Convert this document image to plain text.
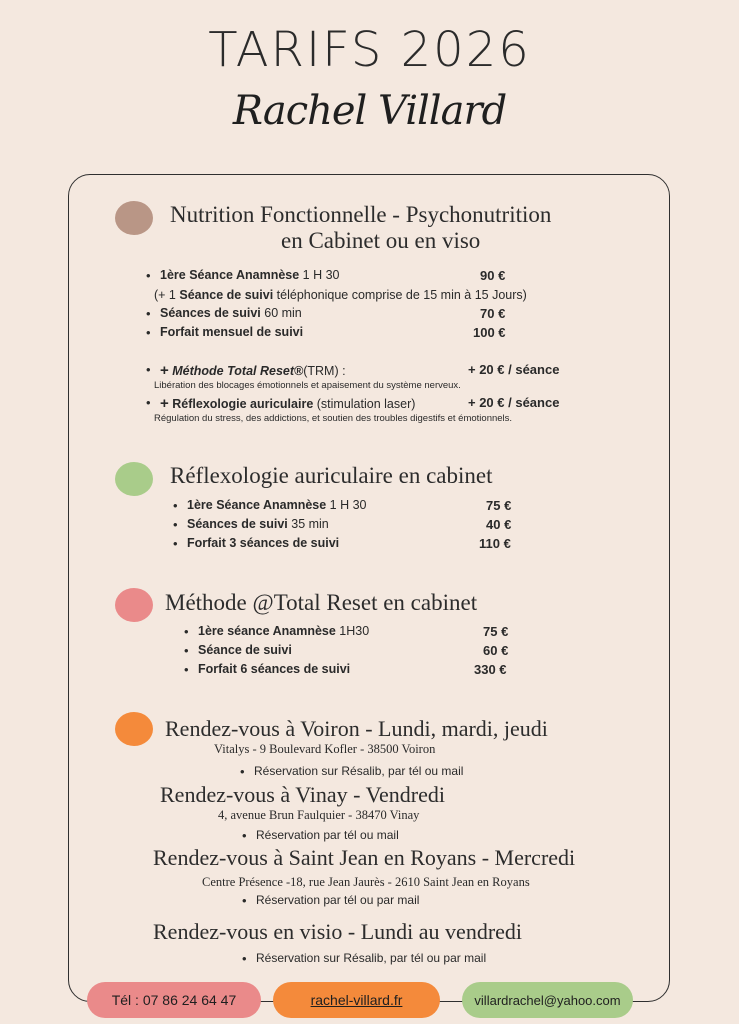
TARIFS 2026
Rachel Villard
Nutrition Fonctionnelle - Psychonutrition
en Cabinet ou en viso
• 1ère Séance Anamnèse 1 H 30	90 €
(+ 1 Séance de suivi téléphonique comprise de 15 min à 15 Jours)
• Séances de suivi 60 min	70 €
• Forfait mensuel de suivi	100 €
• + Méthode Total Reset®(TRM) :	+ 20 € / séance
Libération des blocages émotionnels et apaisement du système nerveux.
• + Réflexologie auriculaire (stimulation laser)	+ 20 € / séance
Régulation du stress, des addictions, et soutien des troubles digestifs et émotionnels.
Réflexologie auriculaire en cabinet
• 1ère Séance Anamnèse 1 H 30	75 €
• Séances de suivi 35 min	40 €
• Forfait 3 séances de suivi	110 €
Méthode @Total Reset en cabinet
• 1ère séance Anamnèse 1H30	75 €
• Séance de suivi	60 €
• Forfait 6 séances de suivi	330 €
Rendez-vous à Voiron - Lundi, mardi, jeudi
Vitalys - 9 Boulevard Kofler - 38500 Voiron
• Réservation sur Résalib, par tél ou mail
Rendez-vous à Vinay - Vendredi
4, avenue Brun Faulquier - 38470 Vinay
• Réservation par tél ou mail
Rendez-vous à Saint Jean en Royans - Mercredi
Centre Présence -18, rue Jean Jaurès - 2610 Saint Jean en Royans
• Réservation par tél ou par mail
Rendez-vous en visio - Lundi au vendredi
• Réservation sur Résalib, par tél ou par mail
Tél : 07 86 24 64 47	rachel-villard.fr	villardrachel@yahoo.com
